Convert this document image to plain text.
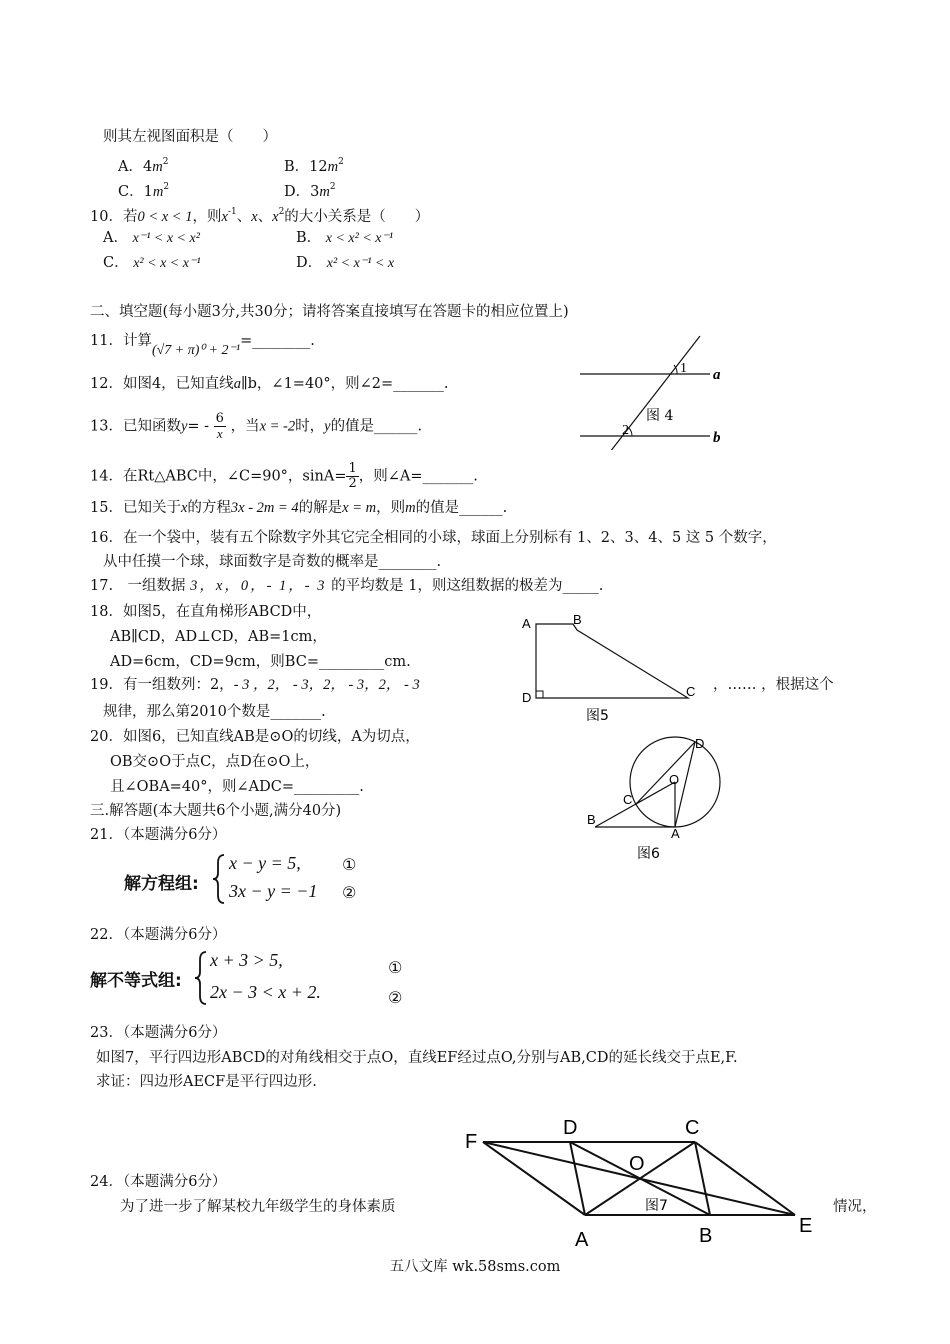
则其左视图面积是（　　）
A．$4m^2$	B．$12m^2$
C．$1m^2$	D．$3m^2$
10．若0 < x < 1，则$x^{-1}$、x、$x^2$的大小关系是（　　）
A． x⁻¹ < x < x²	B． x < x² < x⁻¹
C． x² < x < x⁻¹	D． x² < x⁻¹ < x
二、填空题(每小题3分,共30分；请将答案直接填写在答题卡的相应位置上)
11．计算(√7 + π)⁰ + 2⁻¹=________.
12．如图4，已知直线a∥b，∠1=40°，则∠2=_______.
13．已知函数$y= - \frac{6}{x}$ ，当x = -2时，y的值是______.
14．在Rt△ABC中，∠C=90°，$\sin A= \frac{1}{2}$ ，则∠A=_______.
15．已知关于x的方程3x - 2m = 4的解是x = m，则m的值是______.
16．在一个袋中，装有五个除数字外其它完全相同的小球，球面上分别标有 1、2、3、4、5 这 5 个数字，
从中任摸一个球，球面数字是奇数的概率是________.
17.　一组数据 3，x，0，- 1，- 3 的平均数是 1，则这组数据的极差为_____.
18．如图5，在直角梯形ABCD中，
AB∥CD，AD⊥CD，AB=1cm，
AD=6cm，CD=9cm，则BC=_________cm.
19．有一组数列：2，- 3 ，2， - 3，2， - 3，2， - 3	，…… ，根据这个
规律，那么第2010个数是_______.
20．如图6，已知直线AB是⊙O的切线，A为切点，
OB交⊙O于点C，点D在⊙O上，
且∠OBA=40°，则∠ADC=_________.
三.解答题(本大题共6个小题,满分40分)
21．（本题满分6分）
解方程组:
x − y = 5,
3x − y = −1
①
②
22．（本题满分6分）
解不等式组:
x + 3 > 5,
2x − 3 < x + 2.
①
②
23．（本题满分6分）
如图7，平行四边形ABCD的对角线相交于点O，直线EF经过点O,分别与AB,CD的延长线交于点E,F.
求证：四边形AECF是平行四边形.
24．（本题满分6分）
为了进一步了解某校九年级学生的身体素质	情况，
1
2
a
b
图 4
A	B
C
D
图5
B
C
D
O
A
图6
F
D	C
O
A	B	E
图7
五八文库 wk.58sms.com
